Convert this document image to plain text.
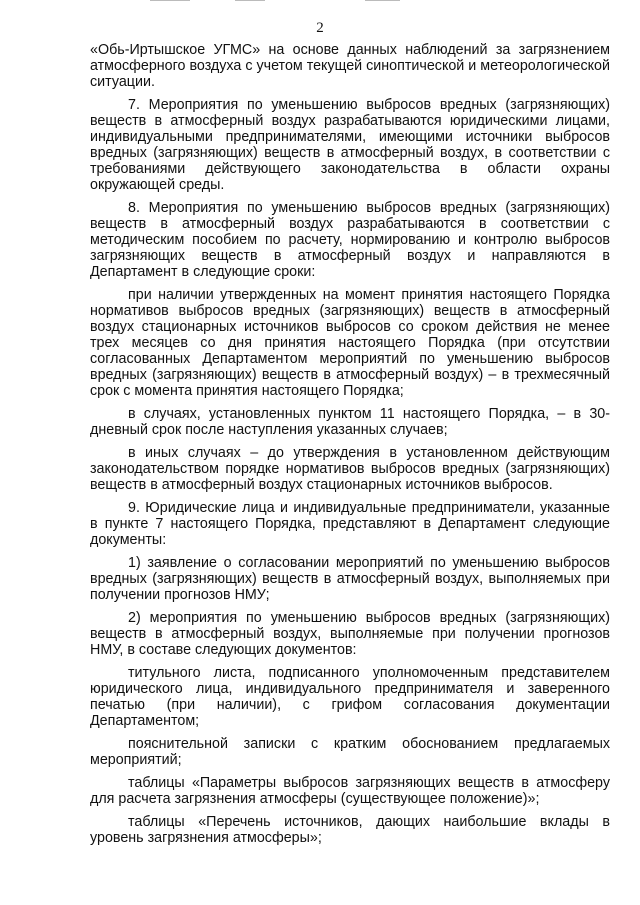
2

«Обь-Иртышское УГМС» на основе данных наблюдений за загрязнением атмосферного воздуха с учетом текущей синоптической и метеорологической ситуации.

7. Мероприятия по уменьшению выбросов вредных (загрязняющих) веществ в атмосферный воздух разрабатываются юридическими лицами, индивидуальными предпринимателями, имеющими источники выбросов вредных (загрязняющих) веществ в атмосферный воздух, в соответствии с требованиями действующего законодательства в области охраны окружающей среды.

8. Мероприятия по уменьшению выбросов вредных (загрязняющих) веществ в атмосферный воздух разрабатываются в соответствии с методическим пособием по расчету, нормированию и контролю выбросов загрязняющих веществ в атмосферный воздух и направляются в Департамент в следующие сроки:

при наличии утвержденных на момент принятия настоящего Порядка нормативов выбросов вредных (загрязняющих) веществ в атмосферный воздух стационарных источников выбросов со сроком действия не менее трех месяцев со дня принятия настоящего Порядка (при отсутствии согласованных Департаментом мероприятий по уменьшению выбросов вредных (загрязняющих) веществ в атмосферный воздух) – в трехмесячный срок с момента принятия настоящего Порядка;

в случаях, установленных пунктом 11 настоящего Порядка, – в 30-дневный срок после наступления указанных случаев;

в иных случаях – до утверждения в установленном действующим законодательством порядке нормативов выбросов вредных (загрязняющих) веществ в атмосферный воздух стационарных источников выбросов.

9. Юридические лица и индивидуальные предприниматели, указанные в пункте 7 настоящего Порядка, представляют в Департамент следующие документы:

1) заявление о согласовании мероприятий по уменьшению выбросов вредных (загрязняющих) веществ в атмосферный воздух, выполняемых при получении прогнозов НМУ;

2) мероприятия по уменьшению выбросов вредных (загрязняющих) веществ в атмосферный воздух, выполняемые при получении прогнозов НМУ, в составе следующих документов:

титульного листа, подписанного уполномоченным представителем юридического лица, индивидуального предпринимателя и заверенного печатью (при наличии), с грифом согласования документации Департаментом;

пояснительной записки с кратким обоснованием предлагаемых мероприятий;

таблицы «Параметры выбросов загрязняющих веществ в атмосферу для расчета загрязнения атмосферы (существующее положение)»;

таблицы «Перечень источников, дающих наибольшие вклады в уровень загрязнения атмосферы»;
